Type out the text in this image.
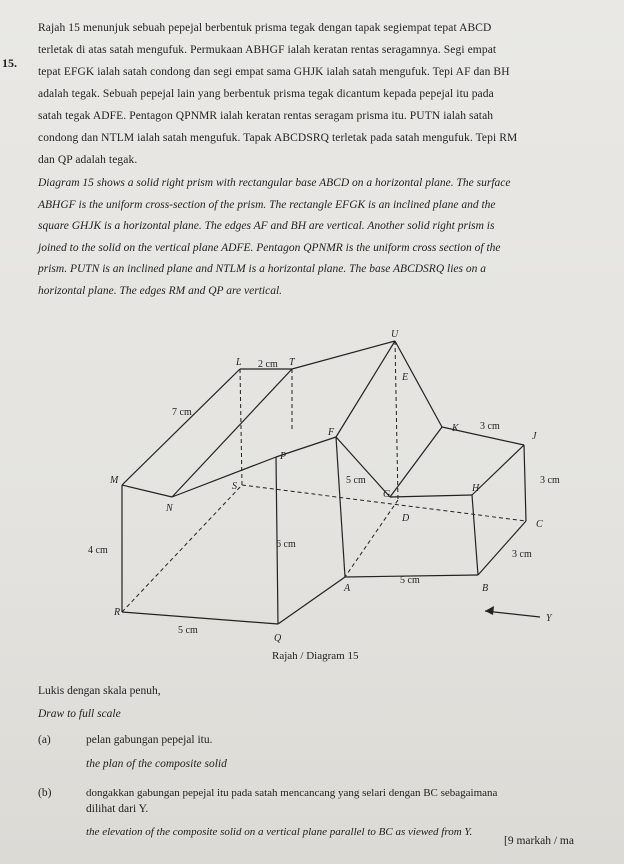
15.
Rajah 15 menunjuk sebuah pepejal berbentuk prisma tegak dengan tapak segiempat tepat ABCD
terletak di atas satah mengufuk. Permukaan ABHGF ialah keratan rentas seragamnya. Segi empat
tepat EFGK ialah satah condong dan segi empat sama GHJK ialah satah mengufuk. Tepi AF dan BH
adalah tegak. Sebuah pepejal lain yang berbentuk prisma tegak dicantum kepada pepejal itu pada
satah tegak ADFE. Pentagon QPNMR ialah keratan rentas seragam prisma itu. PUTN ialah satah
condong dan NTLM ialah satah mengufuk. Tapak ABCDSRQ terletak pada satah mengufuk. Tepi RM
dan QP adalah tegak.
Diagram 15 shows a solid right prism with rectangular base ABCD on a horizontal plane. The surface
ABHGF is the uniform cross-section of the prism. The rectangle EFGK is an inclined plane and the
square GHJK is a horizontal plane. The edges AF and BH are vertical. Another solid right prism is
joined to the solid on the vertical plane ADFE. Pentagon QPNMR is the uniform cross section of the
prism. PUTN is an inclined plane and NTLM is a horizontal plane. The base ABCDSRQ lies on a
horizontal plane. The edges RM and QP are vertical.
U
L	T
E
F	K
J
P
M
S
N
G
H
D
C
A	B
R
Q
Y
2 cm
7 cm
3 cm
3 cm
5 cm
6 cm
4 cm	3 cm
5 cm
5 cm
Rajah / Diagram 15
Lukis dengan skala penuh,
Draw to full scale
(a)	pelan gabungan pepejal itu.
the plan of the composite solid
(b)	dongakkan gabungan pepejal itu pada satah mencancang yang selari dengan BC sebagaimana
dilihat dari Y.
the elevation of the composite solid on a vertical plane parallel to BC as viewed from Y.
[9 markah / ma
